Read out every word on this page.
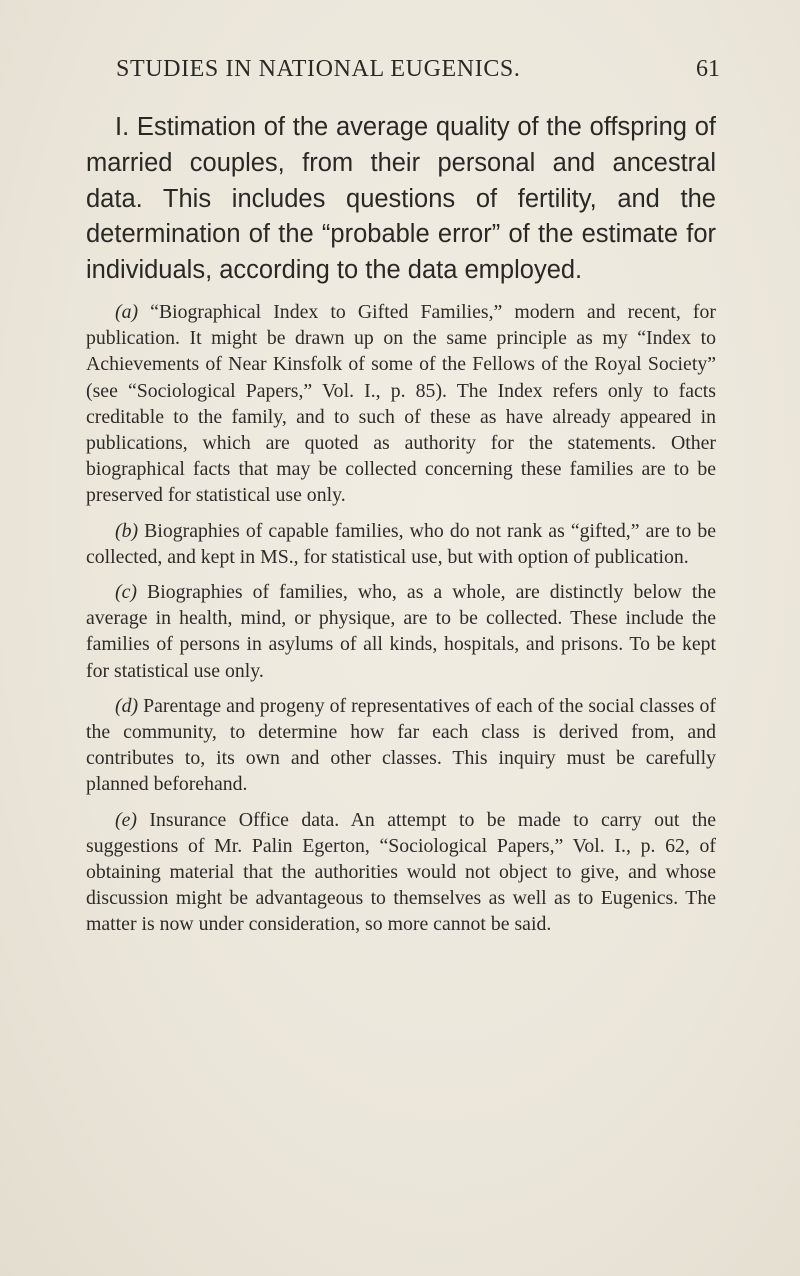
STUDIES IN NATIONAL EUGENICS.	61

I. Estimation of the average quality of the offspring of married couples, from their personal and ancestral data. This includes questions of fertility, and the determination of the “probable error” of the estimate for individuals, according to the data employed.

(a) “Biographical Index to Gifted Families,” modern and recent, for publication. It might be drawn up on the same principle as my “Index to Achievements of Near Kinsfolk of some of the Fellows of the Royal Society” (see “Sociological Papers,” Vol. I., p. 85). The Index refers only to facts creditable to the family, and to such of these as have already appeared in publications, which are quoted as authority for the statements. Other biographical facts that may be collected concerning these families are to be preserved for statistical use only.

(b) Biographies of capable families, who do not rank as “gifted,” are to be collected, and kept in MS., for statistical use, but with option of publication.

(c) Biographies of families, who, as a whole, are distinctly below the average in health, mind, or physique, are to be collected. These include the families of persons in asylums of all kinds, hospitals, and prisons. To be kept for statistical use only.

(d) Parentage and progeny of representatives of each of the social classes of the community, to determine how far each class is derived from, and contributes to, its own and other classes. This inquiry must be carefully planned beforehand.

(e) Insurance Office data. An attempt to be made to carry out the suggestions of Mr. Palin Egerton, “Sociological Papers,” Vol. I., p. 62, of obtaining material that the authorities would not object to give, and whose discussion might be advantageous to themselves as well as to Eugenics. The matter is now under consideration, so more cannot be said.
